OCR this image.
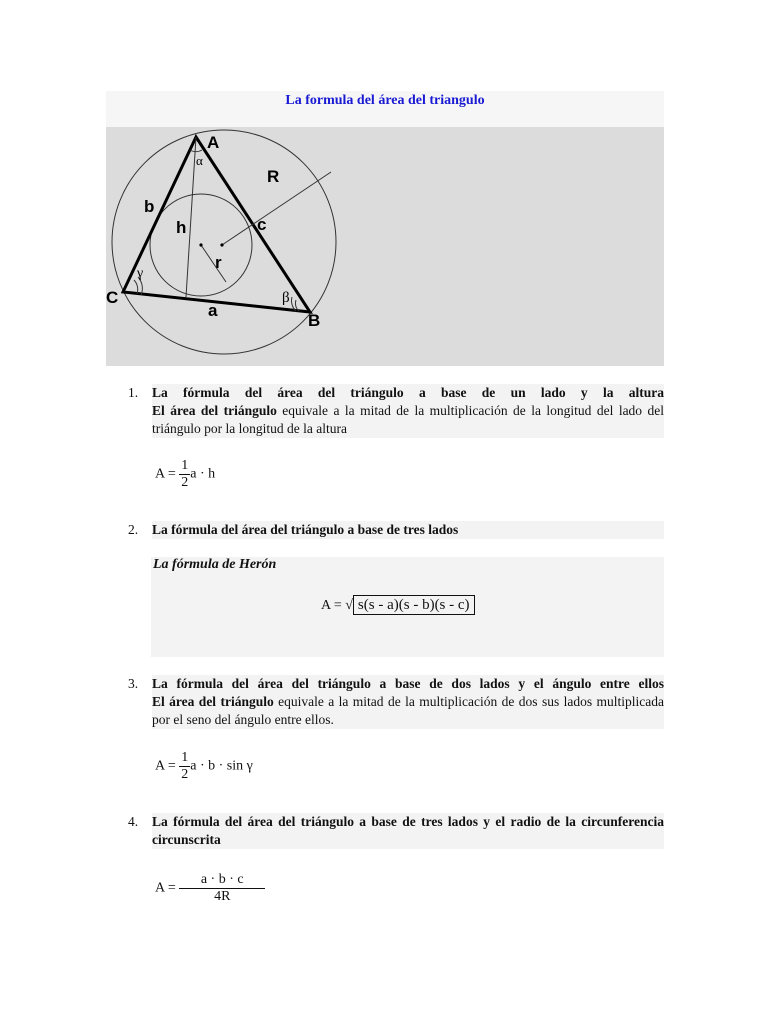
La formula del área del triangulo
A
B
C
a
b
c
h
r
R
α
β
γ
1.	La fórmula del área del triángulo a base de un lado y la altura
El área del triángulo equivale a la mitad de la multiplicación de la longitud del lado del triángulo por la longitud de la altura
$A = \frac{1}{2}$ a · h
2.	La fórmula del área del triángulo a base de tres lados
La fórmula de Herón
A = √ s(s - a)(s - b)(s - c)
3.	La fórmula del área del triángulo a base de dos lados y el ángulo entre ellos
El área del triángulo equivale a la mitad de la multiplicación de dos sus lados multiplicada por el seno del ángulo entre ellos.
$A = \frac{1}{2}$ a · b · sin γ
4.	La fórmula del área del triángulo a base de tres lados y el radio de la circunferencia circunscrita
$A = \frac{a \cdot b \cdot c}{4R}$
